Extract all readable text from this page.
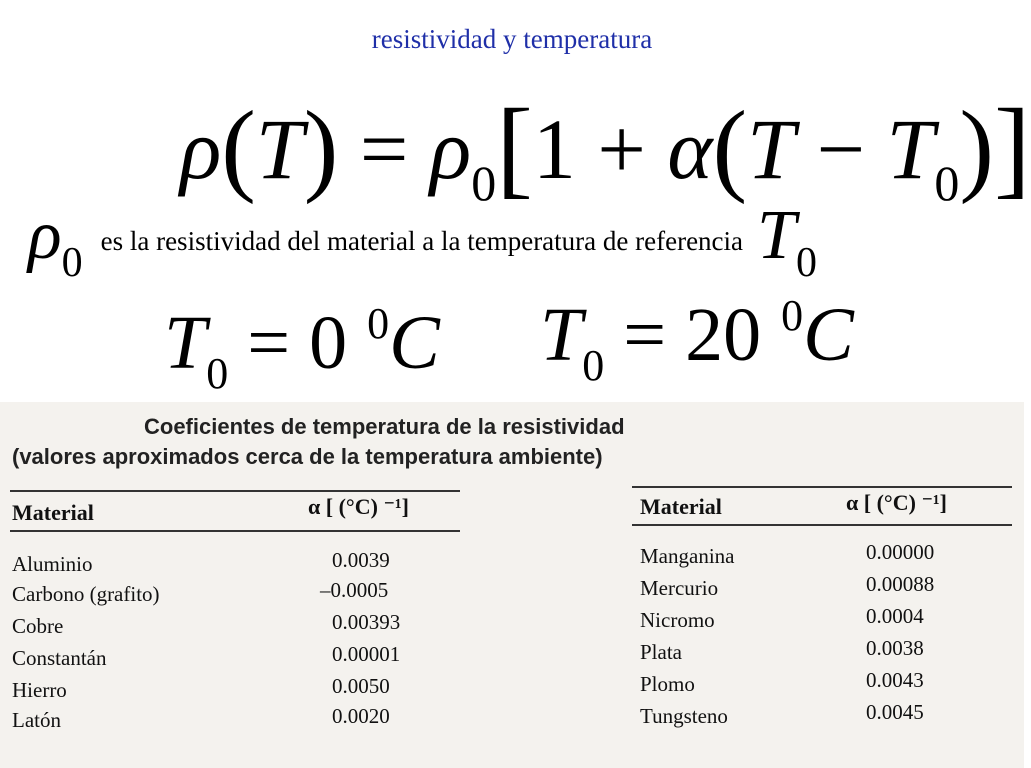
resistividad y temperatura
$\rho(T) = \rho_0[1 + \alpha(T - T_0)]$
ρ0 es la resistividad del material a la temperatura de referencia T0
$T_0 = 0$ $^0$C $T_0 = 20$ $^0$C
Coeficientes de temperatura de la resistividad
(valores aproximados cerca de la temperatura ambiente)
Material	α [ (°C) ⁻¹]	Material	α [ (°C) ⁻¹]
Aluminio	0.0039
Carbono (grafito)	–0.0005
Cobre	0.00393
Constantán	0.00001
Hierro	0.0050
Latón	0.0020
Manganina	0.00000
Mercurio	0.00088
Nicromo	0.0004
Plata	0.0038
Plomo	0.0043
Tungsteno	0.0045
